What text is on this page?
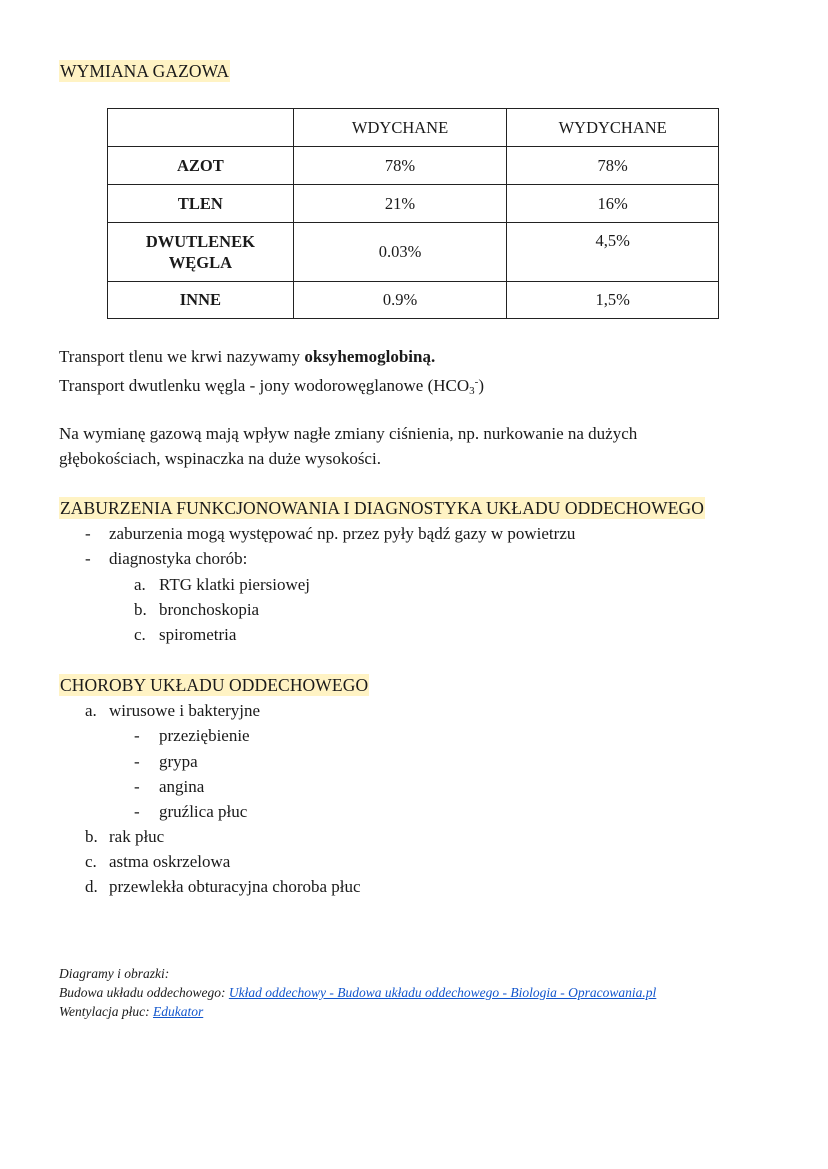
WYMIANA GAZOWA
	WDYCHANE	WYDYCHANE
AZOT	78%	78%
TLEN	21%	16%
DWUTLENEK
WĘGLA	0.03%	4,5%
INNE	0.9%	1,5%
Transport tlenu we krwi nazywamy oksyhemoglobiną.
Transport dwutlenku węgla - jony wodorowęglanowe $(HCO_3^-)$
Na wymianę gazową mają wpływ nagłe zmiany ciśnienia, np. nurkowanie na dużych
głębokościach, wspinaczka na duże wysokości.
ZABURZENIA FUNKCJONOWANIA I DIAGNOSTYKA UKŁADU ODDECHOWEGO
- zaburzenia mogą występować np. przez pyły bądź gazy w powietrzu
- diagnostyka chorób:
a. RTG klatki piersiowej
b. bronchoskopia
c. spirometria
CHOROBY UKŁADU ODDECHOWEGO
a. wirusowe i bakteryjne
- przeziębienie
- grypa
- angina
- gruźlica płuc
b. rak płuc
c. astma oskrzelowa
d. przewlekła obturacyjna choroba płuc
Diagramy i obrazki:
Budowa układu oddechowego: Układ oddechowy - Budowa układu oddechowego - Biologia - Opracowania.pl
Wentylacja płuc: Edukator
